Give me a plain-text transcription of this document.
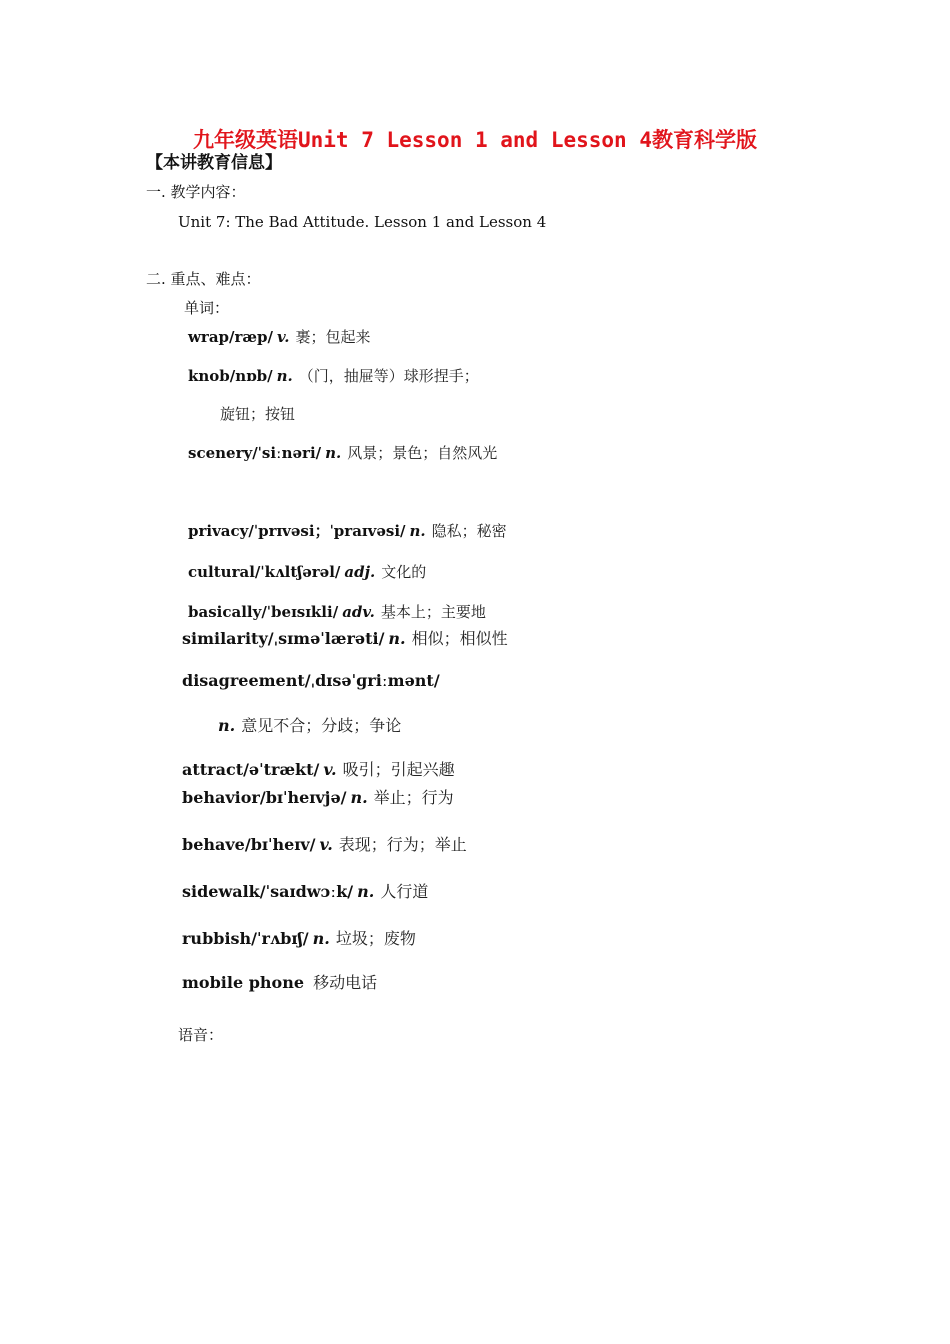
九年级英语Unit 7 Lesson 1 and Lesson 4教育科学版
【本讲教育信息】
一. 教学内容：
Unit 7: The Bad Attitude. Lesson 1 and Lesson 4
二. 重点、难点：
单词：
wrap/ræp/ v. 裹；包起来
knob/nɒb/ n. （门，抽屉等）球形捏手；
旋钮；按钮
scenery/ˈsiːnəri/ n. 风景；景色；自然风光
privacy/ˈprɪvəsi；ˈpraɪvəsi/ n. 隐私；秘密
cultural/ˈkʌltʃərəl/ adj. 文化的
basically/ˈbeɪsɪkli/ adv. 基本上；主要地
similarity/ˌsɪməˈlærəti/ n. 相似；相似性
disagreement/ˌdɪsəˈɡriːmənt/
n. 意见不合；分歧；争论
attract/əˈtrækt/ v. 吸引；引起兴趣
behavior/bɪˈheɪvjə/ n. 举止；行为
behave/bɪˈheɪv/ v. 表现；行为；举止
sidewalk/ˈsaɪdwɔːk/ n. 人行道
rubbish/ˈrʌbɪʃ/ n. 垃圾；废物
mobile phone 移动电话
语音：
